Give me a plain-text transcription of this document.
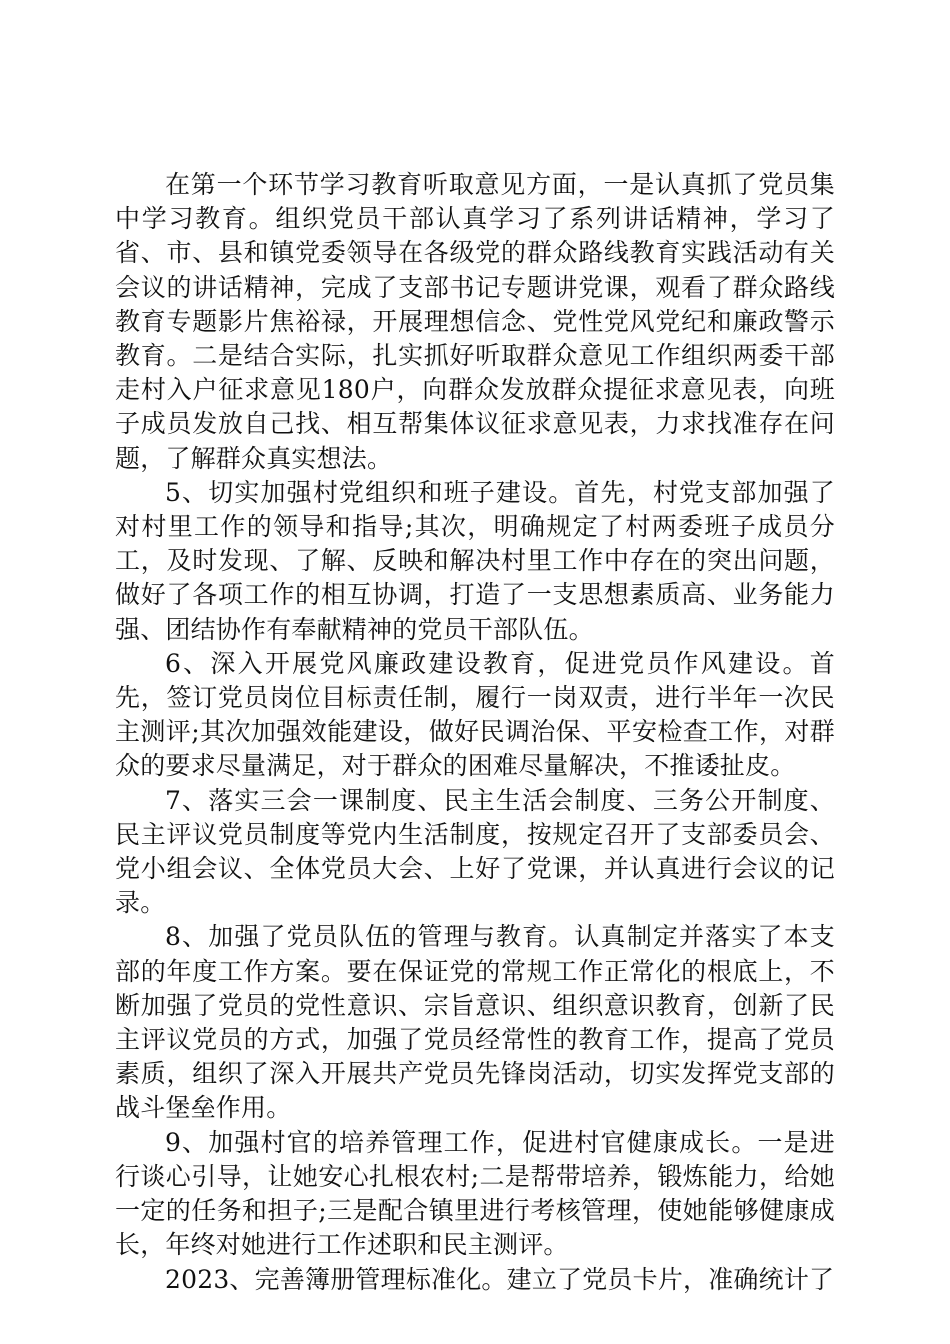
在第一个环节学习教育听取意见方面，一是认真抓了党员集中学习教育。组织党员干部认真学习了系列讲话精神，学习了省、市、县和镇党委领导在各级党的群众路线教育实践活动有关会议的讲话精神，完成了支部书记专题讲党课，观看了群众路线教育专题影片焦裕禄，开展理想信念、党性党风党纪和廉政警示教育。二是结合实际，扎实抓好听取群众意见工作组织两委干部走村入户征求意见180户，向群众发放群众提征求意见表，向班子成员发放自己找、相互帮集体议征求意见表，力求找准存在问题，了解群众真实想法。

5、切实加强村党组织和班子建设。首先，村党支部加强了对村里工作的领导和指导;其次，明确规定了村两委班子成员分工，及时发现、了解、反映和解决村里工作中存在的突出问题，做好了各项工作的相互协调，打造了一支思想素质高、业务能力强、团结协作有奉献精神的党员干部队伍。

6、深入开展党风廉政建设教育，促进党员作风建设。首先，签订党员岗位目标责任制，履行一岗双责，进行半年一次民主测评;其次加强效能建设，做好民调治保、平安检查工作，对群众的要求尽量满足，对于群众的困难尽量解决，不推诿扯皮。

7、落实三会一课制度、民主生活会制度、三务公开制度、民主评议党员制度等党内生活制度，按规定召开了支部委员会、党小组会议、全体党员大会、上好了党课，并认真进行会议的记录。

8、加强了党员队伍的管理与教育。认真制定并落实了本支部的年度工作方案。要在保证党的常规工作正常化的根底上，不断加强了党员的党性意识、宗旨意识、组织意识教育，创新了民主评议党员的方式，加强了党员经常性的教育工作，提高了党员素质，组织了深入开展共产党员先锋岗活动，切实发挥党支部的战斗堡垒作用。

9、加强村官的培养管理工作，促进村官健康成长。一是进行谈心引导，让她安心扎根农村;二是帮带培养，锻炼能力，给她一定的任务和担子;三是配合镇里进行考核管理，使她能够健康成长，年终对她进行工作述职和民主测评。

2023、完善簿册管理标准化。建立了党员卡片，准确统计了
